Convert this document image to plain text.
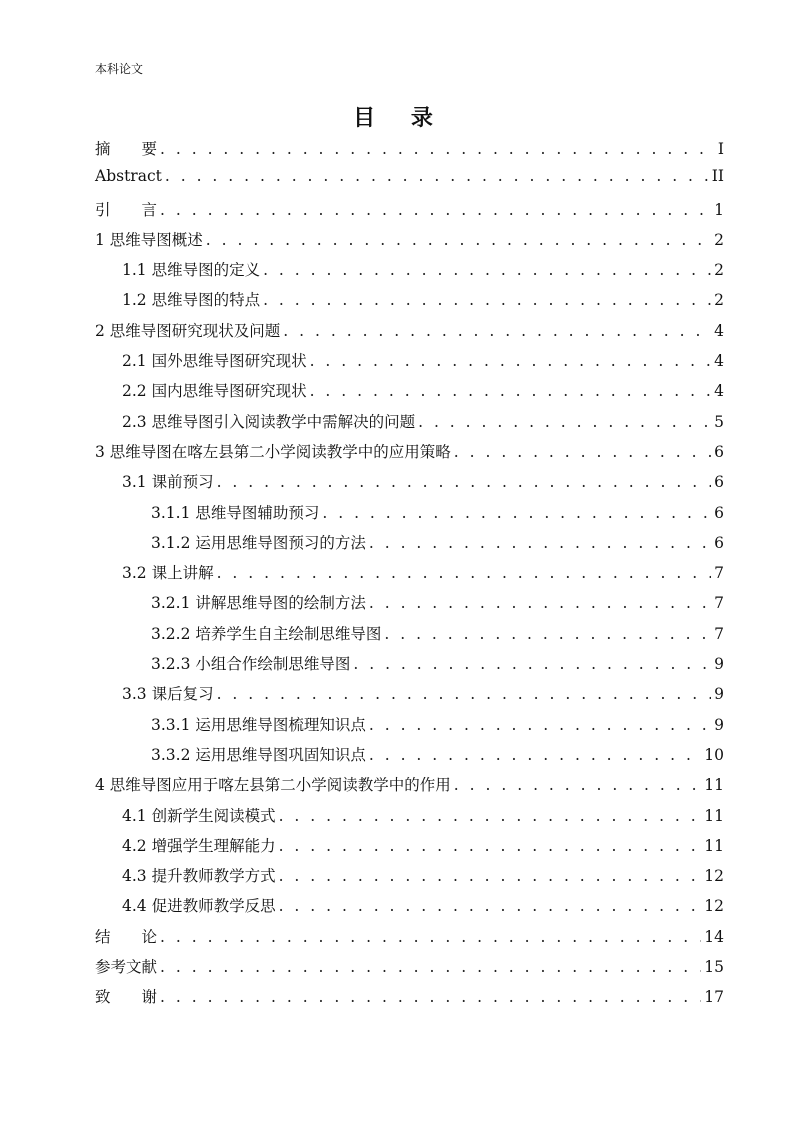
本科论文
目 录
摘　　要 . . .	I
Abstract . . .	II
引　　言 . . .	1
1 思维导图概述 . . .	2
1.1 思维导图的定义 . . .	2
1.2 思维导图的特点 . . .	2
2 思维导图研究现状及问题 . . .	4
2.1 国外思维导图研究现状 . . .	4
2.2 国内思维导图研究现状 . . .	4
2.3 思维导图引入阅读教学中需解决的问题 . . .	5
3 思维导图在喀左县第二小学阅读教学中的应用策略 . . .	6
3.1 课前预习 . . .	6
3.1.1 思维导图辅助预习 . . .	6
3.1.2 运用思维导图预习的方法 . . .	6
3.2 课上讲解 . . .	7
3.2.1 讲解思维导图的绘制方法 . . .	7
3.2.2 培养学生自主绘制思维导图 . . .	7
3.2.3 小组合作绘制思维导图 . . .	9
3.3 课后复习 . . .	9
3.3.1 运用思维导图梳理知识点 . . .	9
3.3.2 运用思维导图巩固知识点 . . .	10
4 思维导图应用于喀左县第二小学阅读教学中的作用 . . .	11
4.1 创新学生阅读模式 . . .	11
4.2 增强学生理解能力 . . .	11
4.3 提升教师教学方式 . . .	12
4.4 促进教师教学反思 . . .	12
结　　论 . . .	14
参考文献 . . .	15
致　　谢 . . .	17
